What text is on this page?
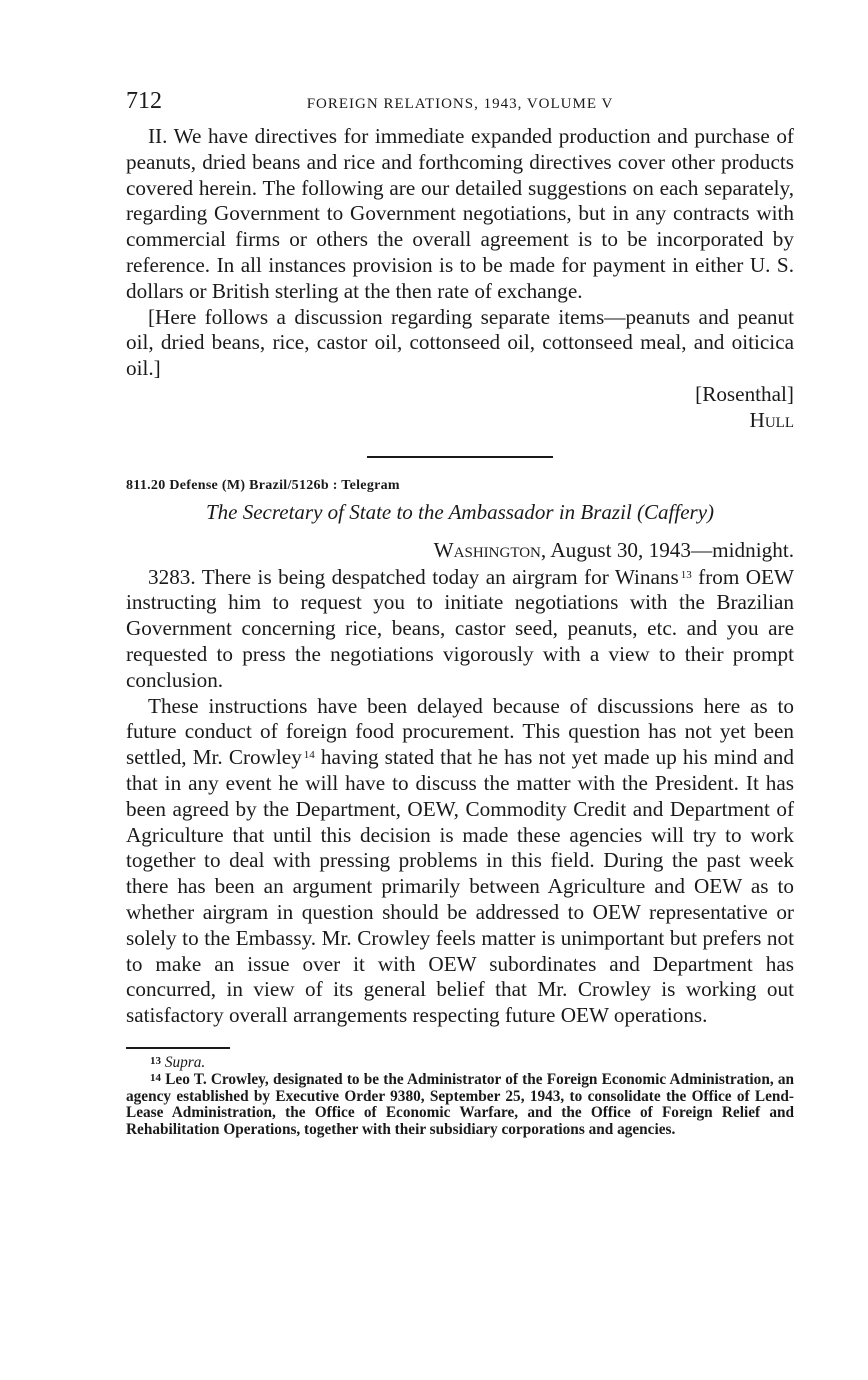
712	FOREIGN RELATIONS, 1943, VOLUME V

II. We have directives for immediate expanded production and purchase of peanuts, dried beans and rice and forthcoming directives cover other products covered herein. The following are our detailed suggestions on each separately, regarding Government to Government negotiations, but in any contracts with commercial firms or others the overall agreement is to be incorporated by reference. In all instances provision is to be made for payment in either U. S. dollars or British sterling at the then rate of exchange.

[Here follows a discussion regarding separate items—peanuts and peanut oil, dried beans, rice, castor oil, cottonseed oil, cottonseed meal, and oiticica oil.]

[Rosenthal]

Hull

811.20 Defense (M) Brazil/5126b : Telegram

The Secretary of State to the Ambassador in Brazil (Caffery)

Washington, August 30, 1943—midnight.

3283. There is being despatched today an airgram for Winans $^{13}$ from OEW instructing him to request you to initiate negotiations with the Brazilian Government concerning rice, beans, castor seed, peanuts, etc. and you are requested to press the negotiations vigorously with a view to their prompt conclusion.

These instructions have been delayed because of discussions here as to future conduct of foreign food procurement. This question has not yet been settled, Mr. Crowley $^{14}$ having stated that he has not yet made up his mind and that in any event he will have to discuss the matter with the President. It has been agreed by the Department, OEW, Commodity Credit and Department of Agriculture that until this decision is made these agencies will try to work together to deal with pressing problems in this field. During the past week there has been an argument primarily between Agriculture and OEW as to whether airgram in question should be addressed to OEW representative or solely to the Embassy. Mr. Crowley feels matter is unimportant but prefers not to make an issue over it with OEW subordinates and Department has concurred, in view of its general belief that Mr. Crowley is working out satisfactory overall arrangements respecting future OEW operations.

$^{13}$ Supra.

$^{14}$ Leo T. Crowley, designated to be the Administrator of the Foreign Economic Administration, an agency established by Executive Order 9380, September 25, 1943, to consolidate the Office of Lend-Lease Administration, the Office of Economic Warfare, and the Office of Foreign Relief and Rehabilitation Operations, together with their subsidiary corporations and agencies.
